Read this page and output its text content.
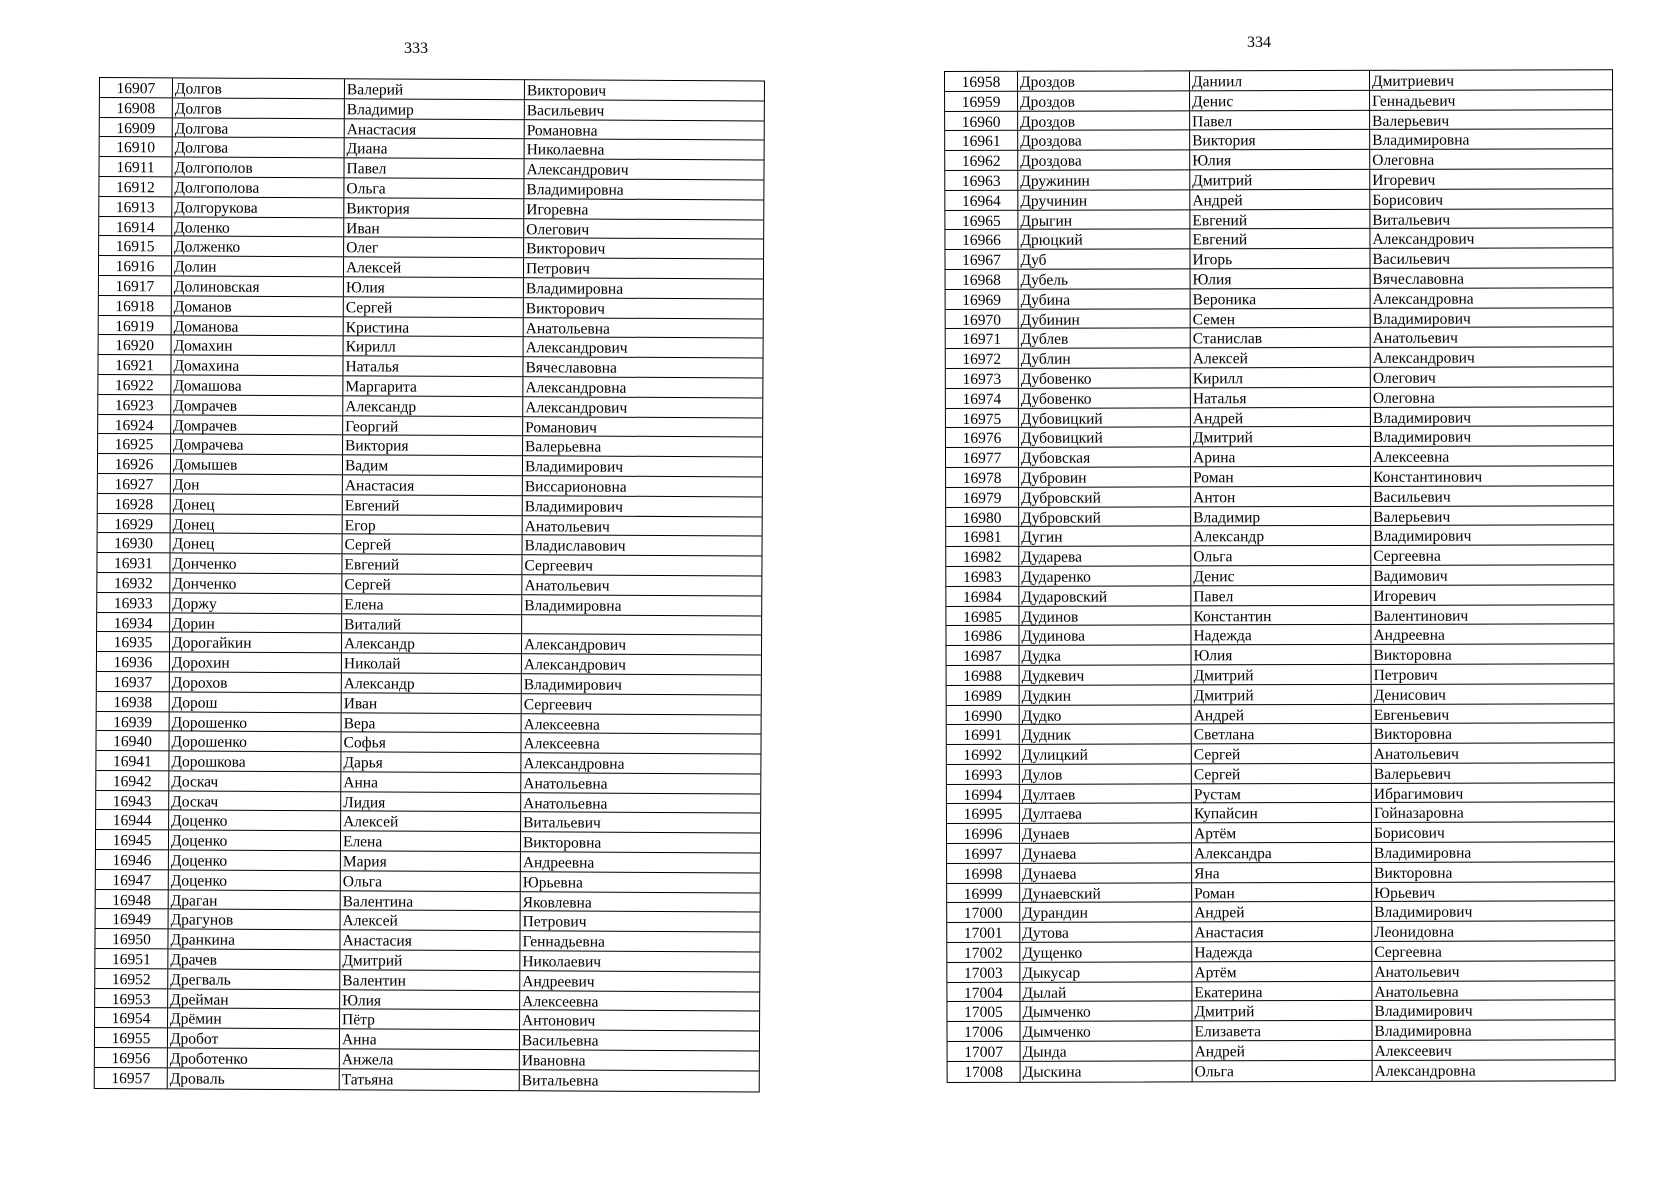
333
16907	Долгов	Валерий	Викторович
16908	Долгов	Владимир	Васильевич
16909	Долгова	Анастасия	Романовна
16910	Долгова	Диана	Николаевна
16911	Долгополов	Павел	Александрович
16912	Долгополова	Ольга	Владимировна
16913	Долгорукова	Виктория	Игоревна
16914	Доленко	Иван	Олегович
16915	Долженко	Олег	Викторович
16916	Долин	Алексей	Петрович
16917	Долиновская	Юлия	Владимировна
16918	Доманов	Сергей	Викторович
16919	Доманова	Кристина	Анатольевна
16920	Домахин	Кирилл	Александрович
16921	Домахина	Наталья	Вячеславовна
16922	Домашова	Маргарита	Александровна
16923	Домрачев	Александр	Александрович
16924	Домрачев	Георгий	Романович
16925	Домрачева	Виктория	Валерьевна
16926	Домышев	Вадим	Владимирович
16927	Дон	Анастасия	Виссарионовна
16928	Донец	Евгений	Владимирович
16929	Донец	Егор	Анатольевич
16930	Донец	Сергей	Владиславович
16931	Донченко	Евгений	Сергеевич
16932	Донченко	Сергей	Анатольевич
16933	Доржу	Елена	Владимировна
16934	Дорин	Виталий
16935	Дорогайкин	Александр	Александрович
16936	Дорохин	Николай	Александрович
16937	Дорохов	Александр	Владимирович
16938	Дорош	Иван	Сергеевич
16939	Дорошенко	Вера	Алексеевна
16940	Дорошенко	Софья	Алексеевна
16941	Дорошкова	Дарья	Александровна
16942	Доскач	Анна	Анатольевна
16943	Доскач	Лидия	Анатольевна
16944	Доценко	Алексей	Витальевич
16945	Доценко	Елена	Викторовна
16946	Доценко	Мария	Андреевна
16947	Доценко	Ольга	Юрьевна
16948	Драган	Валентина	Яковлевна
16949	Драгунов	Алексей	Петрович
16950	Дранкина	Анастасия	Геннадьевна
16951	Драчев	Дмитрий	Николаевич
16952	Дрегваль	Валентин	Андреевич
16953	Дрейман	Юлия	Алексеевна
16954	Дрёмин	Пётр	Антонович
16955	Дробот	Анна	Васильевна
16956	Дроботенко	Анжела	Ивановна
16957	Дроваль	Татьяна	Витальевна
334
16958	Дроздов	Даниил	Дмитриевич
16959	Дроздов	Денис	Геннадьевич
16960	Дроздов	Павел	Валерьевич
16961	Дроздова	Виктория	Владимировна
16962	Дроздова	Юлия	Олеговна
16963	Дружинин	Дмитрий	Игоревич
16964	Дручинин	Андрей	Борисович
16965	Дрыгин	Евгений	Витальевич
16966	Дрюцкий	Евгений	Александрович
16967	Дуб	Игорь	Васильевич
16968	Дубель	Юлия	Вячеславовна
16969	Дубина	Вероника	Александровна
16970	Дубинин	Семен	Владимирович
16971	Дублев	Станислав	Анатольевич
16972	Дублин	Алексей	Александрович
16973	Дубовенко	Кирилл	Олегович
16974	Дубовенко	Наталья	Олеговна
16975	Дубовицкий	Андрей	Владимирович
16976	Дубовицкий	Дмитрий	Владимирович
16977	Дубовская	Арина	Алексеевна
16978	Дубровин	Роман	Константинович
16979	Дубровский	Антон	Васильевич
16980	Дубровский	Владимир	Валерьевич
16981	Дугин	Александр	Владимирович
16982	Дударева	Ольга	Сергеевна
16983	Дударенко	Денис	Вадимович
16984	Дударовский	Павел	Игоревич
16985	Дудинов	Константин	Валентинович
16986	Дудинова	Надежда	Андреевна
16987	Дудка	Юлия	Викторовна
16988	Дудкевич	Дмитрий	Петрович
16989	Дудкин	Дмитрий	Денисович
16990	Дудко	Андрей	Евгеньевич
16991	Дудник	Светлана	Викторовна
16992	Дулицкий	Сергей	Анатольевич
16993	Дулов	Сергей	Валерьевич
16994	Дултаев	Рустам	Ибрагимович
16995	Дултаева	Купайсин	Гойназаровна
16996	Дунаев	Артём	Борисович
16997	Дунаева	Александра	Владимировна
16998	Дунаева	Яна	Викторовна
16999	Дунаевский	Роман	Юрьевич
17000	Дурандин	Андрей	Владимирович
17001	Дутова	Анастасия	Леонидовна
17002	Дущенко	Надежда	Сергеевна
17003	Дыкусар	Артём	Анатольевич
17004	Дылай	Екатерина	Анатольевна
17005	Дымченко	Дмитрий	Владимирович
17006	Дымченко	Елизавета	Владимировна
17007	Дында	Андрей	Алексеевич
17008	Дыскина	Ольга	Александровна
